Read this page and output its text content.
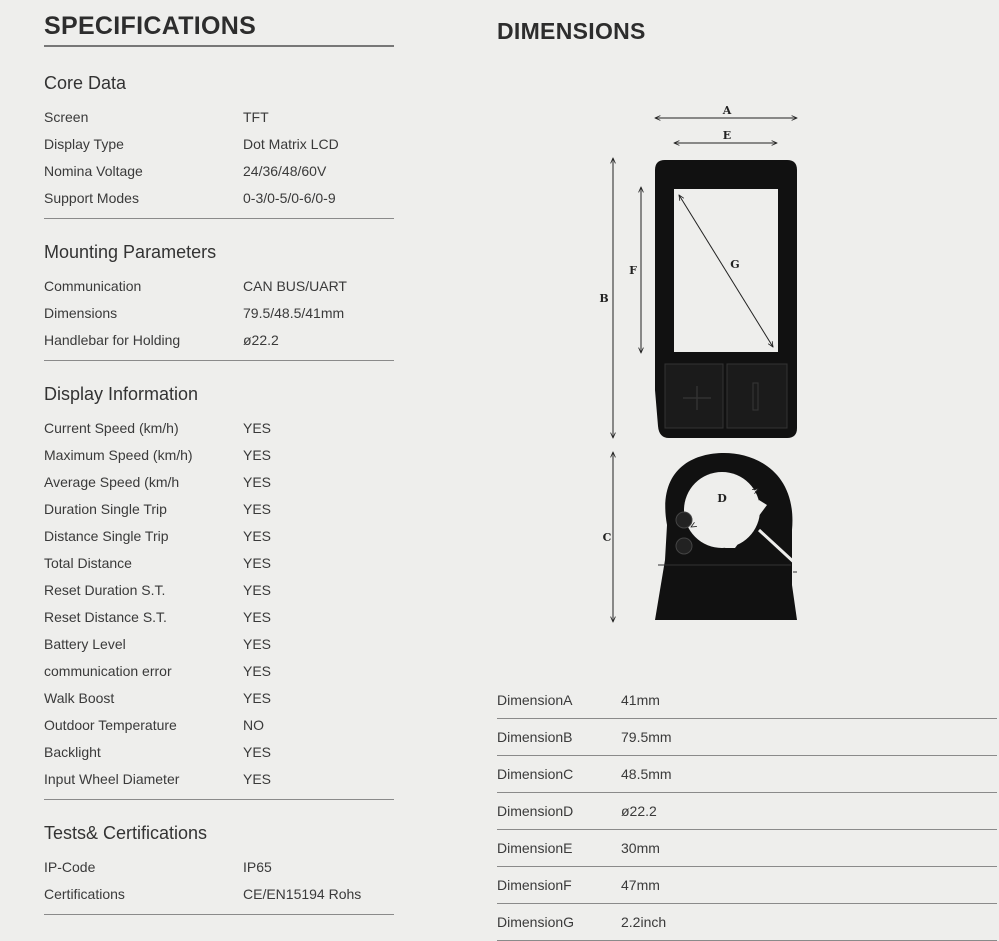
SPECIFICATIONS
Core Data
Screen	TFT
Display Type	Dot Matrix LCD
Nomina Voltage	24/36/48/60V
Support Modes	0-3/0-5/0-6/0-9
Mounting Parameters
Communication	CAN BUS/UART
Dimensions	79.5/48.5/41mm
Handlebar for Holding	ø22.2
Display Information
Current Speed (km/h)	YES
Maximum Speed (km/h)	YES
Average Speed (km/h	YES
Duration Single Trip	YES
Distance Single Trip	YES
Total Distance	YES
Reset Duration S.T.	YES
Reset Distance S.T.	YES
Battery Level	YES
communication error	YES
Walk Boost	YES
Outdoor Temperature	NO
Backlight	YES
Input Wheel Diameter	YES
Tests& Certifications
IP-Code	IP65
Certifications	CE/EN15194 Rohs
DIMENSIONS
A
E
B
F	G
C
D
DimensionA	41mm
DimensionB	79.5mm
DimensionC	48.5mm
DimensionD	ø22.2
DimensionE	30mm
DimensionF	47mm
DimensionG	2.2inch
